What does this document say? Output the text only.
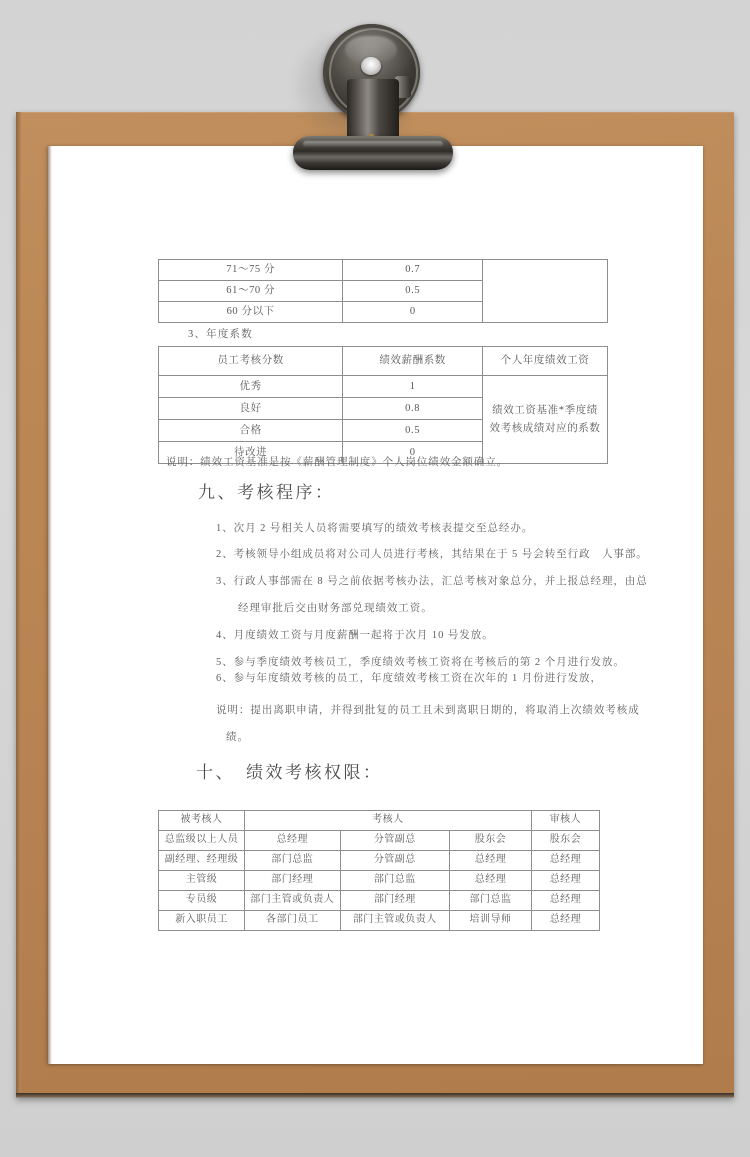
71～75 分	0.7	
61～70 分	0.5	
60 分以下	0	
3、年度系数
员工考核分数	绩效薪酬系数	个人年度绩效工资
优秀	1	绩效工资基准*季度绩效考核成绩对应的系数
良好	0.8	
合格	0.5	
待改进	0	
说明：绩效工资基准是按《薪酬管理制度》个人岗位绩效金额确立。
九、考核程序：
1、次月 2 号相关人员将需要填写的绩效考核表提交至总经办。
2、考核领导小组成员将对公司人员进行考核，其结果在于 5 号会转至行政　人事部。
3、行政人事部需在 8 号之前依据考核办法，汇总考核对象总分，并上报总经理，由总
经理审批后交由财务部兑现绩效工资。
4、月度绩效工资与月度薪酬一起将于次月 10 号发放。
5、参与季度绩效考核员工，季度绩效考核工资将在考核后的第 2 个月进行发放。
6、参与年度绩效考核的员工，年度绩效考核工资在次年的 1 月份进行发放，
说明：提出离职申请，并得到批复的员工且未到离职日期的，将取消上次绩效考核成
绩。
十、　绩效考核权限：
被考核人	考核人			审核人
总监级以上人员	总经理	分管副总	股东会	股东会
副经理、经理级	部门总监	分管副总	总经理	总经理
主管级	部门经理	部门总监	总经理	总经理
专员级	部门主管或负责人	部门经理	部门总监	总经理
新入职员工	各部门员工	部门主管或负责人	培训导师	总经理
